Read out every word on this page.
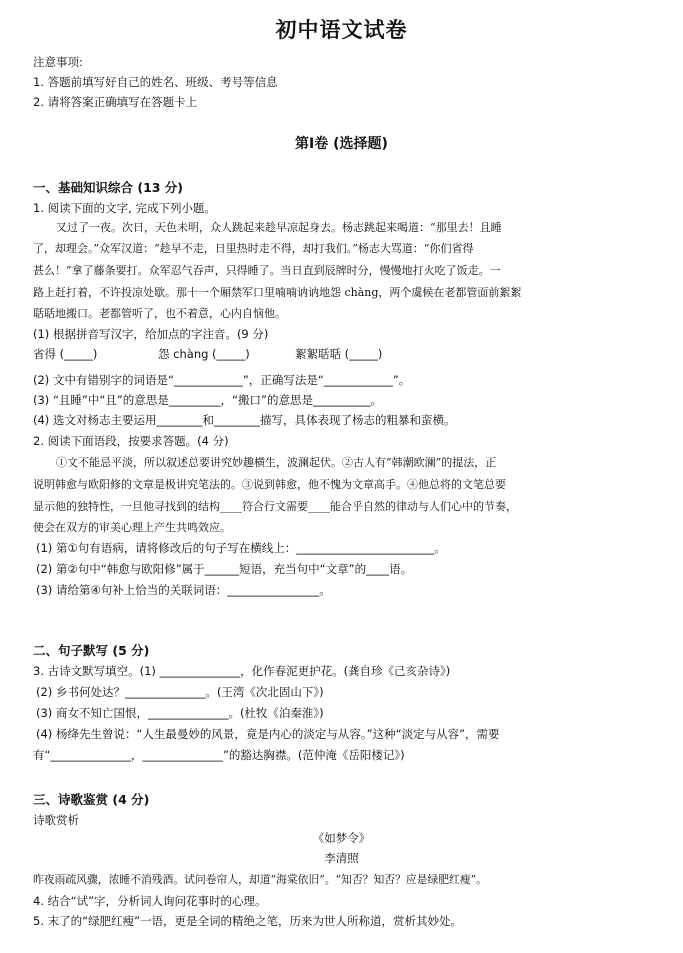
初中语文试卷
注意事项:
1. 答题前填写好自己的姓名、班级、考号等信息
2. 请将答案正确填写在答题卡上
第I卷 (选择题)
一、基础知识综合 (13 分)
1. 阅读下面的文字, 完成下列小题。
又过了一夜。次日，天色未明，众人跳起来趁早凉起身去。杨志跳起来喝道：“那里去！且睡
了，却理会。”众军汉道：“趁早不走，日里热时走不得，却打我们。”杨志大骂道：“你们省得
甚么！”拿了藤条要打。众军忍气吞声，只得睡了。当日直到辰牌时分，慢慢地打火吃了饭走。一
路上赶打着，不许投凉处歇。那十一个厢禁军口里喃喃讷讷地怨 chàng，两个虞候在老都管面前絮絮
聒聒地搬口。老都管听了，也不着意，心内自恼他。
(1) 根据拼音写汉字，给加点的字注音。(9 分)
省得 (_____)	怨 chàng (_____)	絮絮聒聒 (_____)
(2) 文中有错别字的词语是“____________”，正确写法是“____________”。
(3) “且睡”中“且”的意思是_________，“搬口”的意思是__________。
(4) 选文对杨志主要运用________和________描写，具体表现了杨志的粗暴和蛮横。
2. 阅读下面语段，按要求答题。(4 分)
①文不能忌平淡，所以叙述总要讲究妙趣横生，波澜起伏。②古人有“韩潮欧澜”的提法，正
说明韩愈与欧阳修的文章是极讲究笔法的。③说到韩愈，他不愧为文章高手。④他总将的文笔总要
显示他的独特性，一旦他寻找到的结构____符合行文需要____能合乎自然的律动与人们心中的节奏，
使会在双方的审美心理上产生共鸣效应。
(1) 第①句有语病，请将修改后的句子写在横线上：________________________。
(2) 第②句中“韩愈与欧阳修”属于______短语，充当句中“文章”的____语。
(3) 请给第④句补上恰当的关联词语：________________。
二、句子默写 (5 分)
3. 古诗文默写填空。(1) ______________，化作春泥更护花。(龚自珍《己亥杂诗》)
(2) 乡书何处达？______________。(王湾《次北固山下》)
(3) 商女不知亡国恨，______________。(杜牧《泊秦淮》)
(4) 杨绛先生曾说：“人生最曼妙的风景，竟是内心的淡定与从容。”这种“淡定与从容”，需要
有“______________，______________”的豁达胸襟。(范仲淹《岳阳楼记》)
三、诗歌鉴赏 (4 分)
诗歌赏析
《如梦令》
李清照
昨夜雨疏风骤，浓睡不消残酒。试问卷帘人，却道“海棠依旧”。“知否？知否？应是绿肥红瘦”。
4. 结合“试”字，分析词人询问花事时的心理。
5. 末了的“绿肥红瘦”一语，更是全词的精绝之笔，历来为世人所称道，赏析其妙处。
